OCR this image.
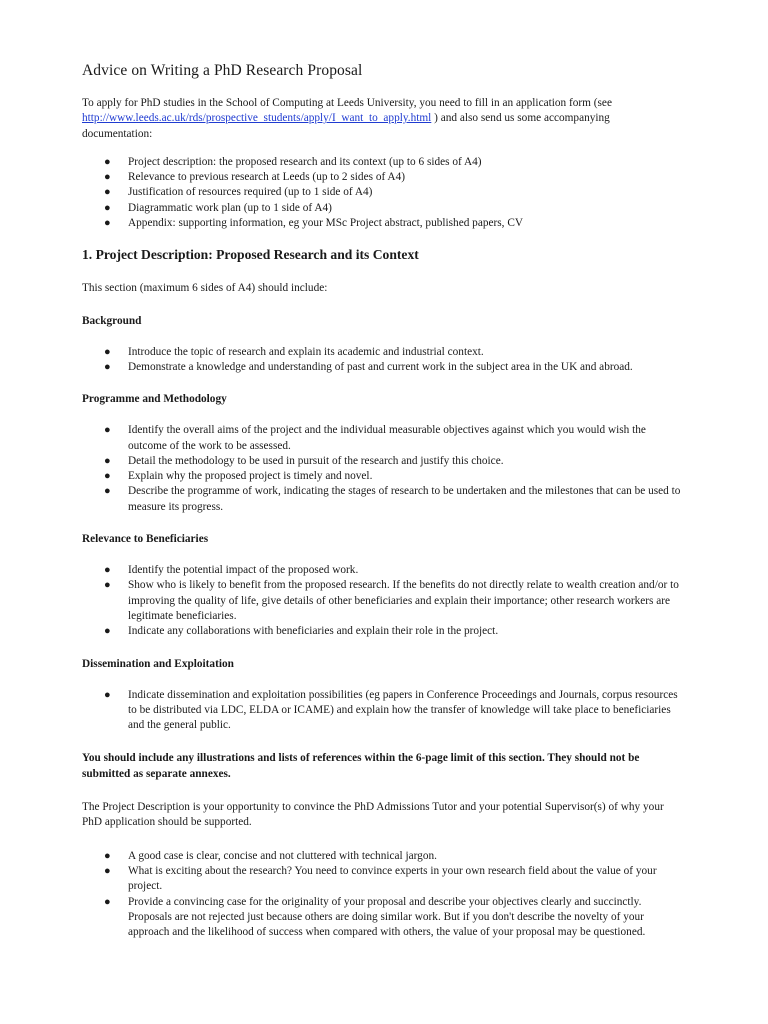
Advice on Writing a PhD Research Proposal

To apply for PhD studies in the School of Computing at Leeds University, you need to fill in an application form (see http://www.leeds.ac.uk/rds/prospective_students/apply/I_want_to_apply.html ) and also send us some accompanying documentation:

● Project description: the proposed research and its context (up to 6 sides of A4)
● Relevance to previous research at Leeds (up to 2 sides of A4)
● Justification of resources required (up to 1 side of A4)
● Diagrammatic work plan (up to 1 side of A4)
● Appendix: supporting information, eg your MSc Project abstract, published papers, CV
1. Project Description: Proposed Research and its Context

This section (maximum 6 sides of A4) should include:

Background
● Introduce the topic of research and explain its academic and industrial context.
● Demonstrate a knowledge and understanding of past and current work in the subject area in the UK and abroad.
Programme and Methodology
● Identify the overall aims of the project and the individual measurable objectives against which you would wish the outcome of the work to be assessed.
● Detail the methodology to be used in pursuit of the research and justify this choice.
● Explain why the proposed project is timely and novel.
● Describe the programme of work, indicating the stages of research to be undertaken and the milestones that can be used to measure its progress.
Relevance to Beneficiaries
● Identify the potential impact of the proposed work.
● Show who is likely to benefit from the proposed research. If the benefits do not directly relate to wealth creation and/or to improving the quality of life, give details of other beneficiaries and explain their importance; other research workers are legitimate beneficiaries.
● Indicate any collaborations with beneficiaries and explain their role in the project.
Dissemination and Exploitation
● Indicate dissemination and exploitation possibilities (eg papers in Conference Proceedings and Journals, corpus resources to be distributed via LDC, ELDA or ICAME) and explain how the transfer of knowledge will take place to beneficiaries and the general public.

You should include any illustrations and lists of references within the 6-page limit of this section. They should not be submitted as separate annexes.

The Project Description is your opportunity to convince the PhD Admissions Tutor and your potential Supervisor(s) of why your PhD application should be supported.

● A good case is clear, concise and not cluttered with technical jargon.
● What is exciting about the research? You need to convince experts in your own research field about the value of your project.
● Provide a convincing case for the originality of your proposal and describe your objectives clearly and succinctly. Proposals are not rejected just because others are doing similar work. But if you don't describe the novelty of your approach and the likelihood of success when compared with others, the value of your proposal may be questioned.
